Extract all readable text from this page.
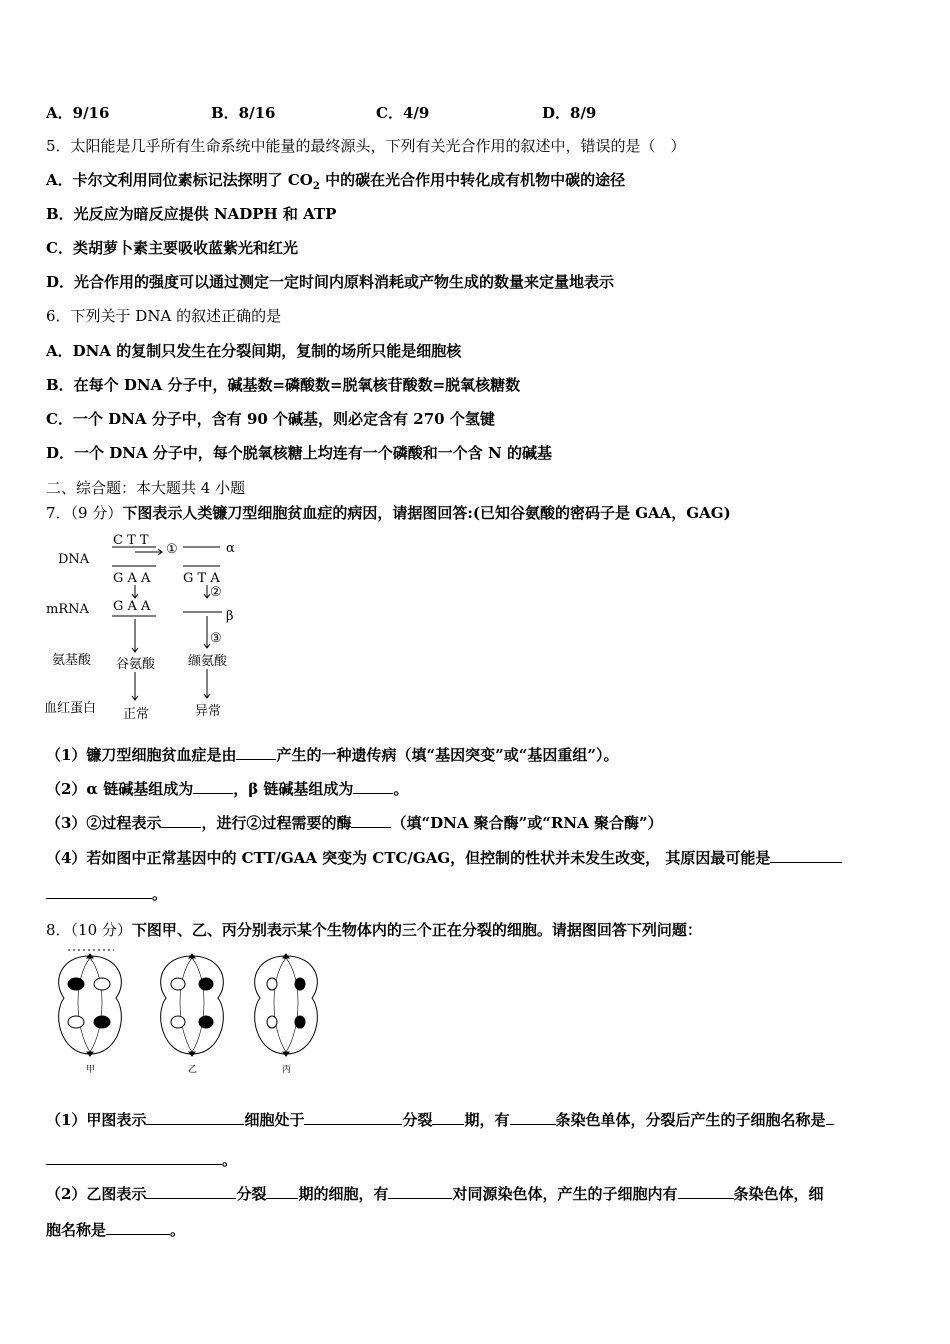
A．9/16	B．8/16	C．4/9	D．8/9
5．太阳能是几乎所有生命系统中能量的最终源头，下列有关光合作用的叙述中，错误的是（　）
A．卡尔文利用同位素标记法探明了 $CO_2$ 中的碳在光合作用中转化成有机物中碳的途径
B．光反应为暗反应提供 NADPH 和 ATP
C．类胡萝卜素主要吸收蓝紫光和红光
D．光合作用的强度可以通过测定一定时间内原料消耗或产物生成的数量来定量地表示
6．下列关于 DNA 的叙述正确的是
A．DNA 的复制只发生在分裂间期，复制的场所只能是细胞核
B．在每个 DNA 分子中，碱基数=磷酸数=脱氧核苷酸数=脱氧核糖数
C．一个 DNA 分子中，含有 90 个碱基，则必定含有 270 个氢键
D．一个 DNA 分子中，每个脱氧核糖上均连有一个磷酸和一个含 N 的碱基
二、综合题：本大题共 4 小题
7．（9 分）下图表示人类镰刀型细胞贫血症的病因，请据图回答:(已知谷氨酸的密码子是 GAA，GAG)
DNA
mRNA
氨基酸
血红蛋白
C T T
①	α
G A A	G T A
②
G A A
β
③
谷氨酸	缬氨酸
正常	异常
（1）镰刀型细胞贫血症是由	产生的一种遗传病（填“基因突变”或“基因重组”）。
（2）α 链碱基组成为	，β 链碱基组成为	。
（3）②过程表示	，进行②过程需要的酶	（填“DNA 聚合酶”或“RNA 聚合酶”）
（4）若如图中正常基因中的 CTT/GAA 突变为 CTC/GAG，但控制的性状并未发生改变， 其原因最可能是
。
8．（10 分）下图甲、乙、丙分别表示某个生物体内的三个正在分裂的细胞。请据图回答下列问题：
甲	乙	丙
（1）甲图表示	细胞处于	分裂 期，有	条染色单体，分裂后产生的子细胞名称是
。
（2）乙图表示	分裂 期的细胞，有	对同源染色体，产生的子细胞内有	条染色体，细
胞名称是	。
